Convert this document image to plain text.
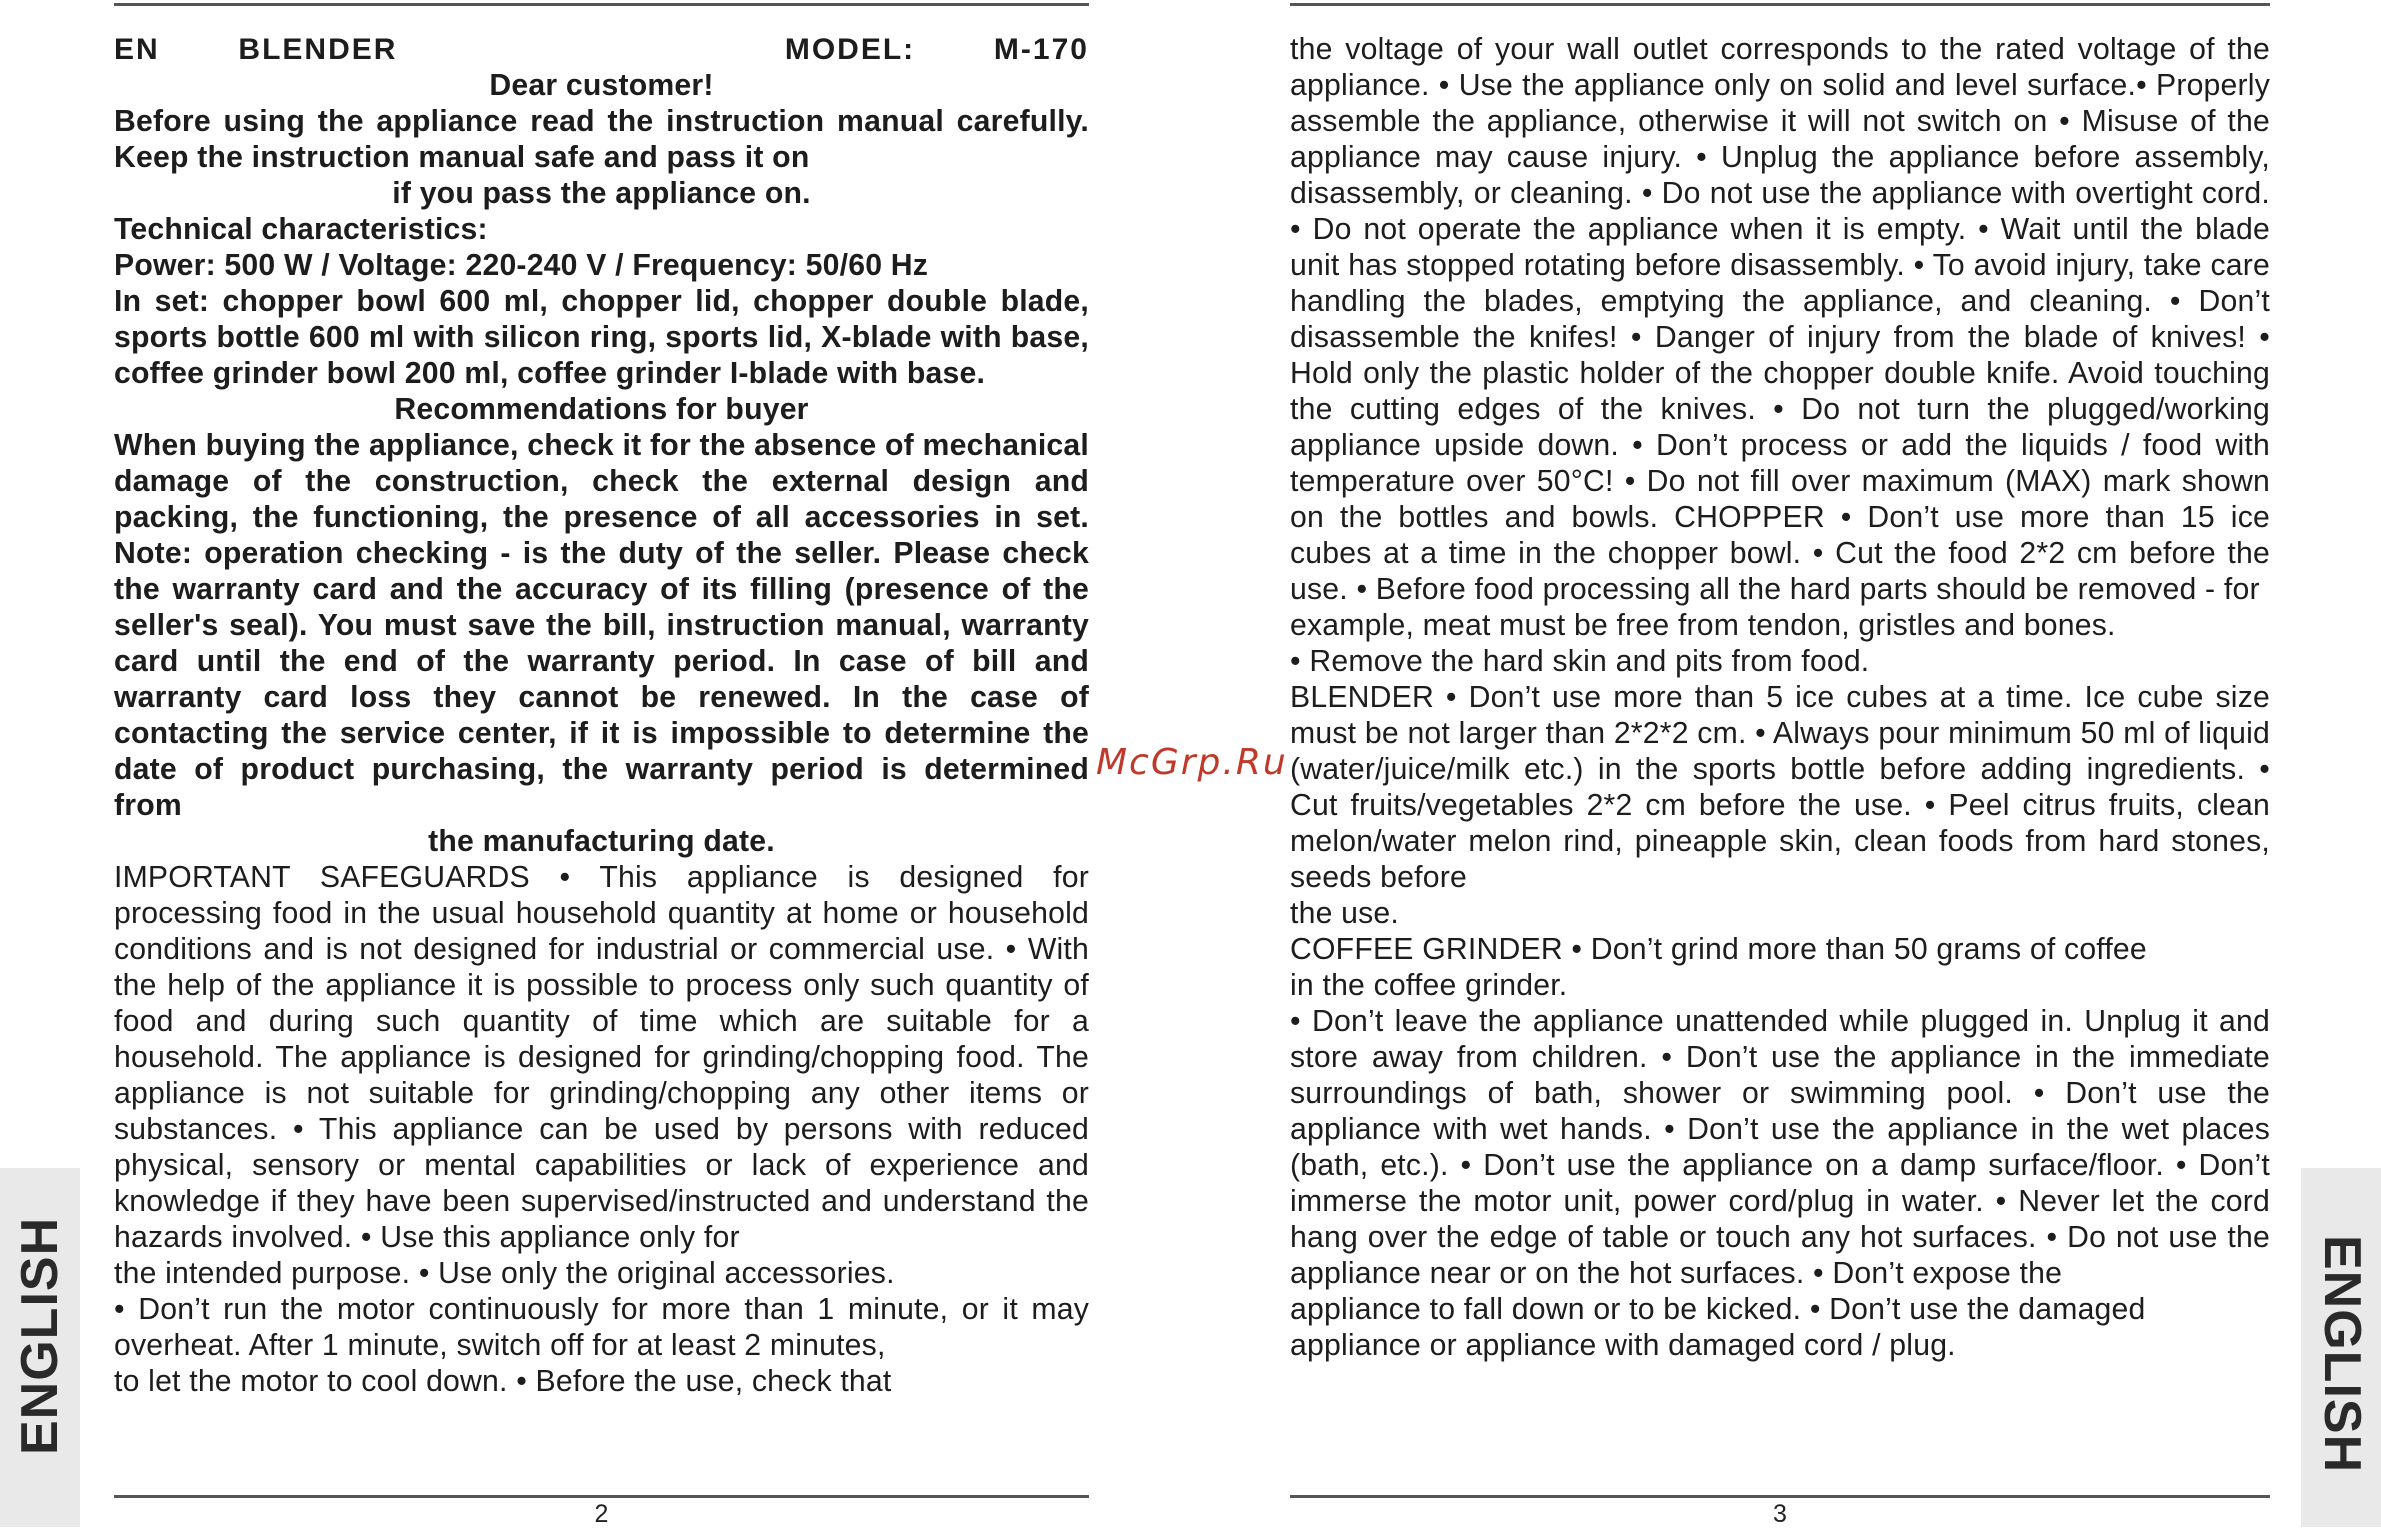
ENGLISH	ENGLISH
EN	BLENDER	MODEL:	M-170

Dear customer!

Before using the appliance read the instruction manual carefully. Keep the instruction manual safe and pass it on

if you pass the appliance on.

Technical characteristics:

Power: 500 W / Voltage: 220-240 V / Frequency: 50/60 Hz

In set: chopper bowl 600 ml, chopper lid, chopper double blade, sports bottle 600 ml with silicon ring, sports lid, X-blade with base, coffee grinder bowl 200 ml, coffee grinder I-blade with base.

Recommendations for buyer

When buying the appliance, check it for the absence of mechanical damage of the construction, check the external design and packing, the functioning, the presence of all accessories in set. Note: operation checking - is the duty of the seller. Please check the warranty card and the accuracy of its filling (presence of the seller's seal). You must save the bill, instruction manual, warranty card until the end of the warranty period. In case of bill and warranty card loss they cannot be renewed. In the case of contacting the service center, if it is impossible to determine the date of product purchasing, the warranty period is determined from

the manufacturing date.

IMPORTANT SAFEGUARDS • This appliance is designed for processing food in the usual household quantity at home or household conditions and is not designed for industrial or commercial use. • With the help of the appliance it is possible to process only such quantity of food and during such quantity of time which are suitable for a household. The appliance is designed for grinding/chopping food. The appliance is not suitable for grinding/chopping any other items or substances. • This appliance can be used by persons with reduced physical, sensory or mental capabilities or lack of experience and knowledge if they have been supervised/instructed and understand the hazards involved. • Use this appliance only for

the intended purpose. • Use only the original accessories.

• Don’t run the motor continuously for more than 1 minute, or it may overheat. After 1 minute, switch off for at least 2 minutes,

to let the motor to cool down. • Before the use, check that

2

the voltage of your wall outlet corresponds to the rated voltage of the appliance. • Use the appliance only on solid and level surface.• Properly assemble the appliance, otherwise it will not switch on • Misuse of the appliance may cause injury. • Unplug the appliance before assembly, disassembly, or cleaning. • Do not use the appliance with overtight cord. • Do not operate the appliance when it is empty. • Wait until the blade unit has stopped rotating before disassembly. • To avoid injury, take care handling the blades, emptying the appliance, and cleaning. • Don’t disassemble the knifes! • Danger of injury from the blade of knives! • Hold only the plastic holder of the chopper double knife. Avoid touching the cutting edges of the knives. • Do not turn the plugged/working appliance upside down. • Don’t process or add the liquids / food with temperature over 50°C! • Do not fill over maximum (MAX) mark shown on the bottles and bowls. CHOPPER • Don’t use more than 15 ice cubes at a time in the chopper bowl. • Cut the food 2*2 cm before the use. • Before food processing all the hard parts should be removed - for

example, meat must be free from tendon, gristles and bones.

• Remove the hard skin and pits from food.

BLENDER • Don’t use more than 5 ice cubes at a time. Ice cube size must be not larger than 2*2*2 cm. • Always pour minimum 50 ml of liquid (water/juice/milk etc.) in the sports bottle before adding ingredients. • Cut fruits/vegetables 2*2 cm before the use. • Peel citrus fruits, clean melon/water melon rind, pineapple skin, clean foods from hard stones, seeds before

the use.

COFFEE GRINDER • Don’t grind more than 50 grams of coffee

in the coffee grinder.

• Don’t leave the appliance unattended while plugged in. Unplug it and store away from children. • Don’t use the appliance in the immediate surroundings of bath, shower or swimming pool. • Don’t use the appliance with wet hands. • Don’t use the appliance in the wet places (bath, etc.). • Don’t use the appliance on a damp surface/floor. • Don’t immerse the motor unit, power cord/plug in water. • Never let the cord hang over the edge of table or touch any hot surfaces. • Do not use the appliance near or on the hot surfaces. • Don’t expose the

appliance to fall down or to be kicked. • Don’t use the damaged appliance or appliance with damaged cord / plug.

3
McGrp.Ru
